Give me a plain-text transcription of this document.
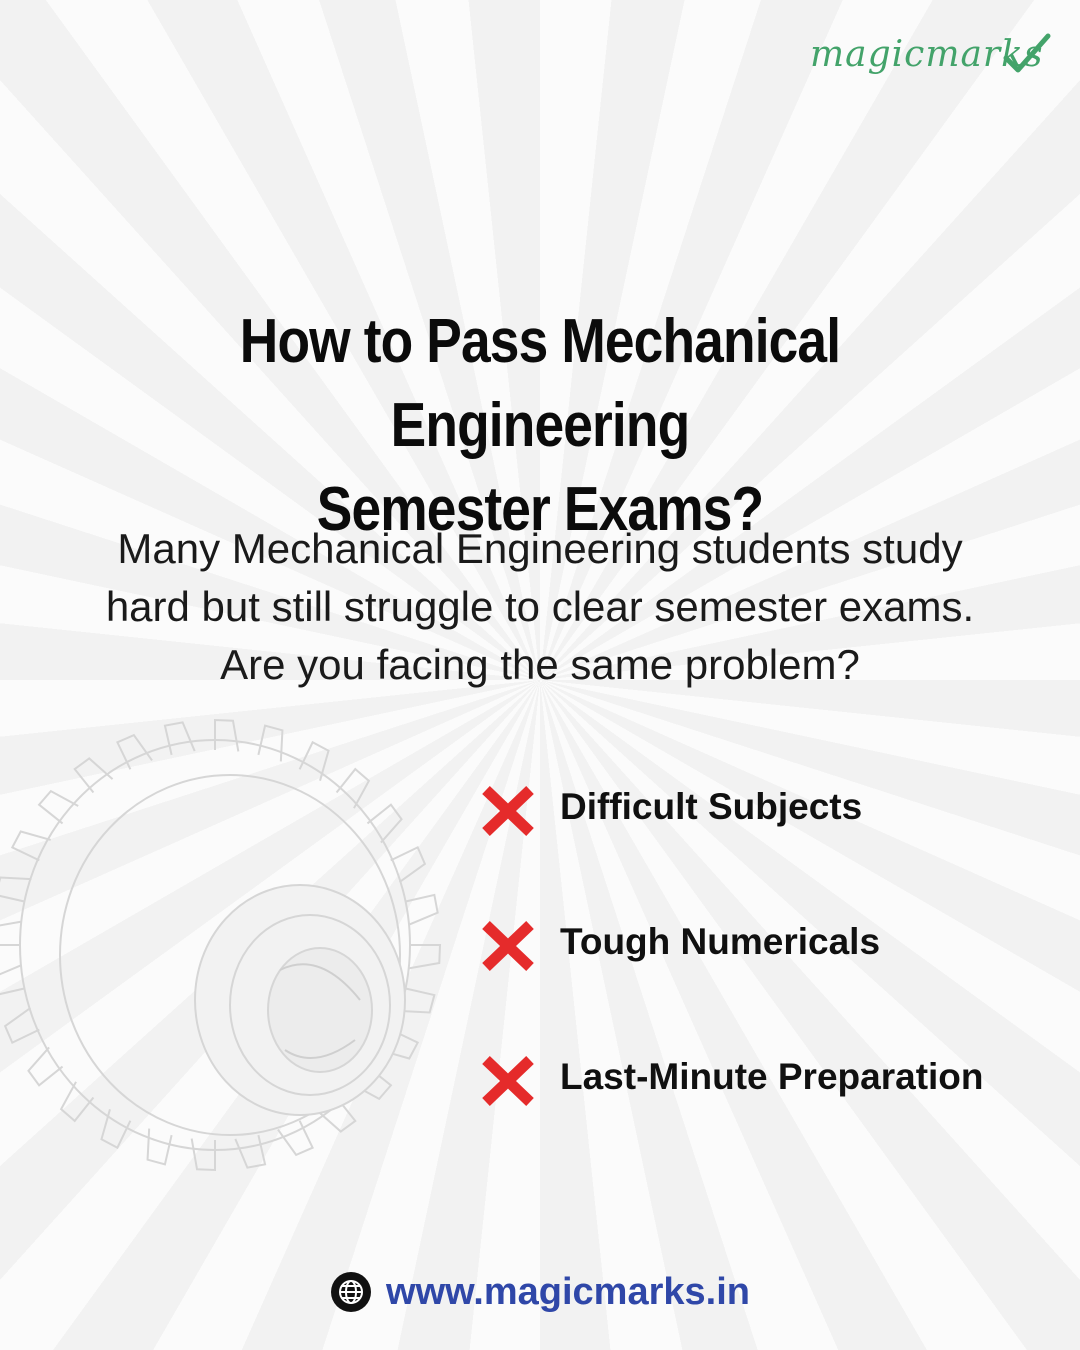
magicmarks
How to Pass Mechanical Engineering
Semester Exams?

Many Mechanical Engineering students study
hard but still struggle to clear semester exams.
Are you facing the same problem?

Difficult Subjects
Tough Numericals
Last-Minute Preparation
www.magicmarks.in
